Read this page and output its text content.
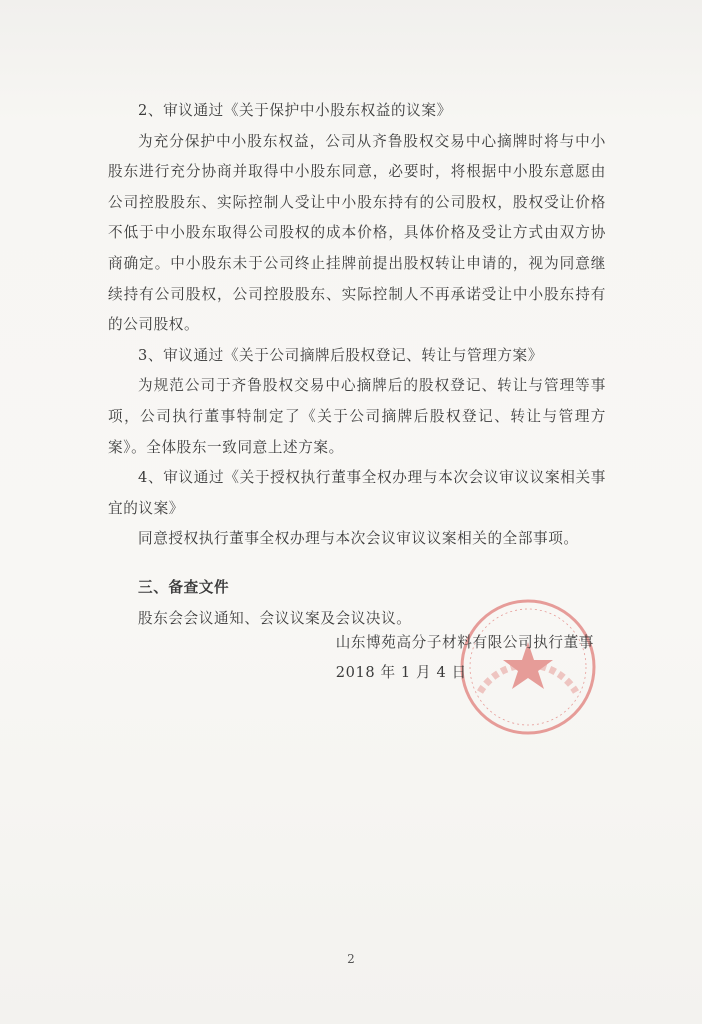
2、审议通过《关于保护中小股东权益的议案》

为充分保护中小股东权益，公司从齐鲁股权交易中心摘牌时将与中小股东进行充分协商并取得中小股东同意，必要时，将根据中小股东意愿由公司控股股东、实际控制人受让中小股东持有的公司股权，股权受让价格不低于中小股东取得公司股权的成本价格，具体价格及受让方式由双方协商确定。中小股东未于公司终止挂牌前提出股权转让申请的，视为同意继续持有公司股权，公司控股股东、实际控制人不再承诺受让中小股东持有的公司股权。

3、审议通过《关于公司摘牌后股权登记、转让与管理方案》

为规范公司于齐鲁股权交易中心摘牌后的股权登记、转让与管理等事项，公司执行董事特制定了《关于公司摘牌后股权登记、转让与管理方案》。全体股东一致同意上述方案。

4、审议通过《关于授权执行董事全权办理与本次会议审议议案相关事宜的议案》

同意授权执行董事全权办理与本次会议审议议案相关的全部事项。

三、备查文件

股东会会议通知、会议议案及会议决议。

山东博苑高分子材料有限公司执行董事

2018 年 1 月 4 日

2
